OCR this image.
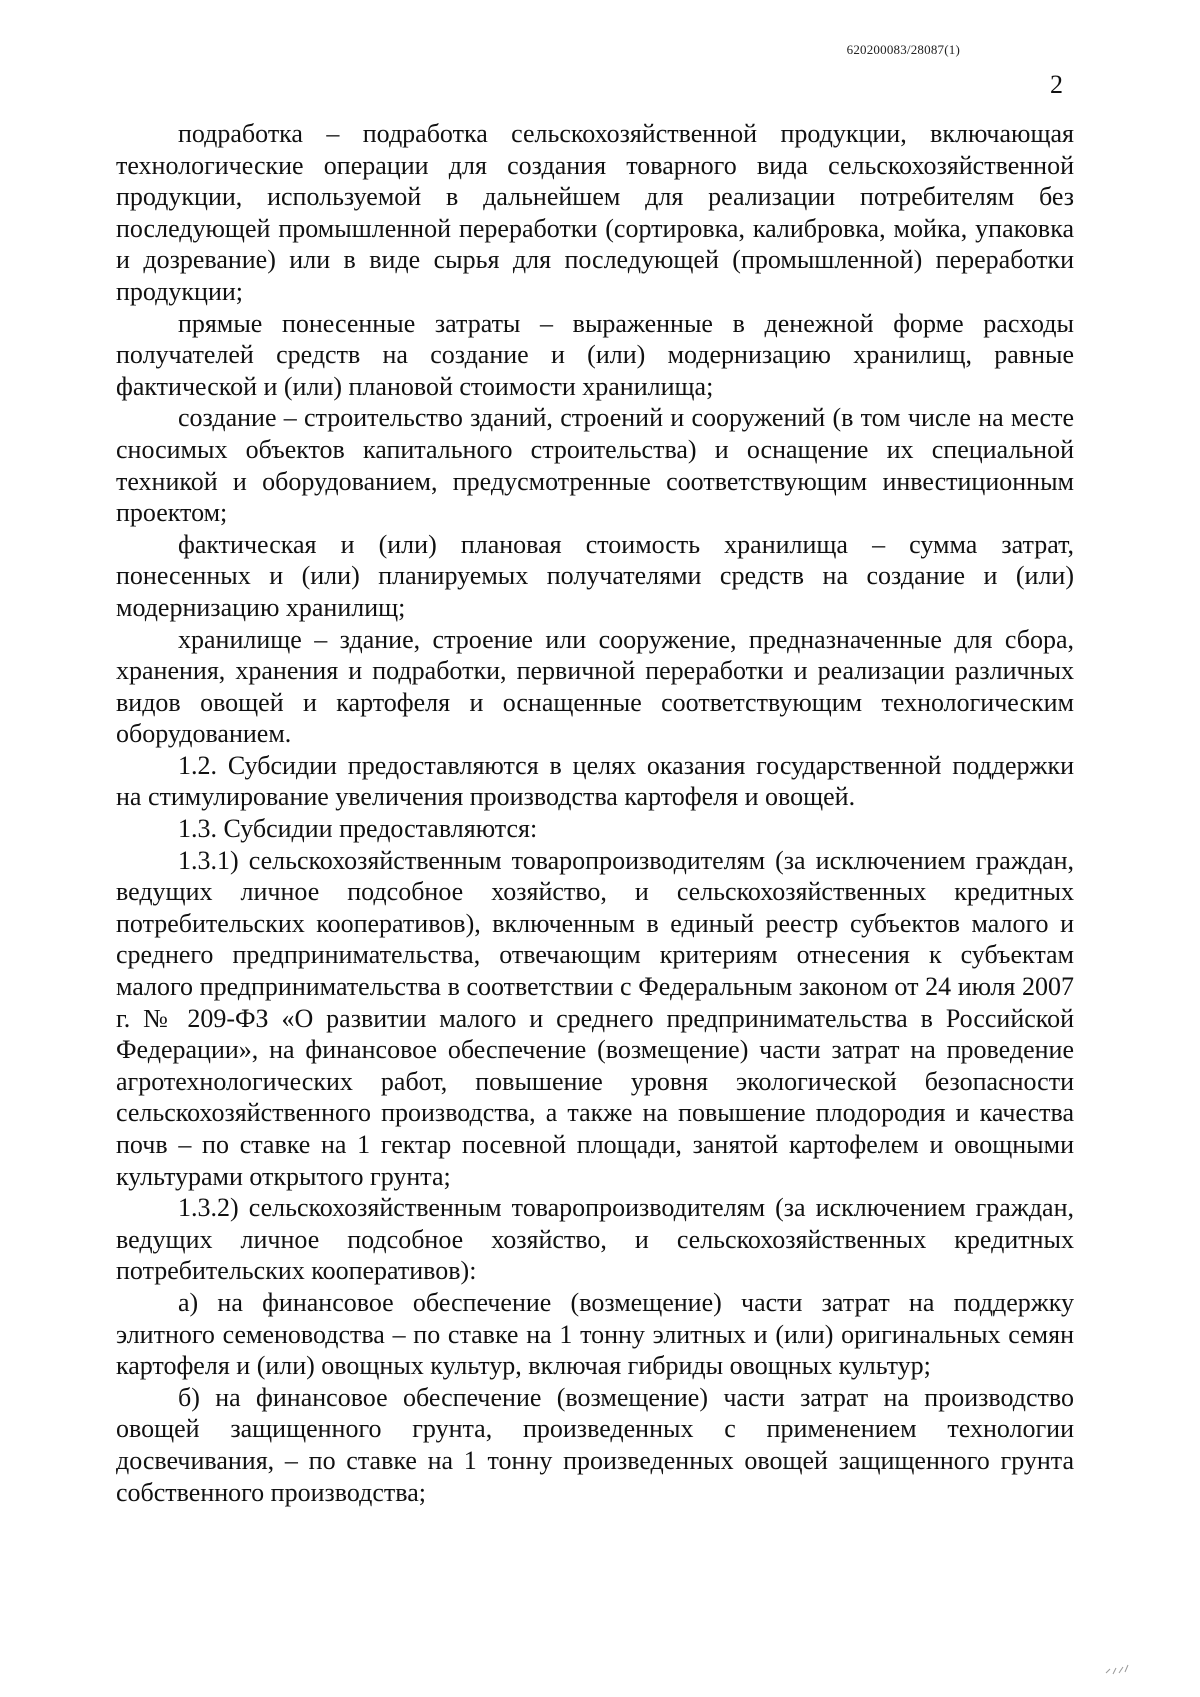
620200083/28087(1)
2

подработка – подработка сельскохозяйственной продукции, включающая технологические операции для создания товарного вида сельскохозяйственной продукции, используемой в дальнейшем для реализации потребителям без последующей промышленной переработки (сортировка, калибровка, мойка, упаковка и дозревание) или в виде сырья для последующей (промышленной) переработки продукции;

прямые понесенные затраты – выраженные в денежной форме расходы получателей средств на создание и (или) модернизацию хранилищ, равные фактической и (или) плановой стоимости хранилища;

создание – строительство зданий, строений и сооружений (в том числе на месте сносимых объектов капитального строительства) и оснащение их специальной техникой и оборудованием, предусмотренные соответствующим инвестиционным проектом;

фактическая и (или) плановая стоимость хранилища – сумма затрат, понесенных и (или) планируемых получателями средств на создание и (или) модернизацию хранилищ;

хранилище – здание, строение или сооружение, предназначенные для сбора, хранения, хранения и подработки, первичной переработки и реализации различных видов овощей и картофеля и оснащенные соответствующим технологическим оборудованием.

1.2. Субсидии предоставляются в целях оказания государственной поддержки на стимулирование увеличения производства картофеля и овощей.

1.3. Субсидии предоставляются:

1.3.1) сельскохозяйственным товаропроизводителям (за исключением граждан, ведущих личное подсобное хозяйство, и сельскохозяйственных кредитных потребительских кооперативов), включенным в единый реестр субъектов малого и среднего предпринимательства, отвечающим критериям отнесения к субъектам малого предпринимательства в соответствии с Федеральным законом от 24 июля 2007 г. № 209-ФЗ «О развитии малого и среднего предпринимательства в Российской Федерации», на финансовое обеспечение (возмещение) части затрат на проведение агротехнологических работ, повышение уровня экологической безопасности сельскохозяйственного производства, а также на повышение плодородия и качества почв – по ставке на 1 гектар посевной площади, занятой картофелем и овощными культурами открытого грунта;

1.3.2) сельскохозяйственным товаропроизводителям (за исключением граждан, ведущих личное подсобное хозяйство, и сельскохозяйственных кредитных потребительских кооперативов):

а) на финансовое обеспечение (возмещение) части затрат на поддержку элитного семеноводства – по ставке на 1 тонну элитных и (или) оригинальных семян картофеля и (или) овощных культур, включая гибриды овощных культур;

б) на финансовое обеспечение (возмещение) части затрат на производство овощей защищенного грунта, произведенных с применением технологии досвечивания, – по ставке на 1 тонну произведенных овощей защищенного грунта собственного производства;
